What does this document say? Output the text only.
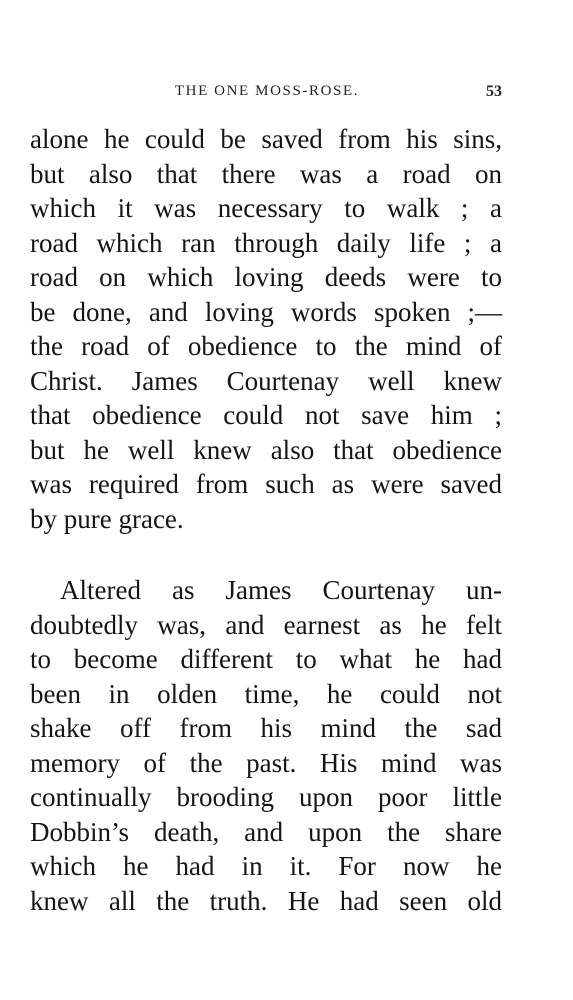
THE ONE MOSS-ROSE.	53
alone he could be saved from his sins,
but also that there was a road on
which it was necessary to walk ; a
road which ran through daily life ; a
road on which loving deeds were to
be done, and loving words spoken ;—
the road of obedience to the mind of
Christ. James Courtenay well knew
that obedience could not save him ;
but he well knew also that obedience
was required from such as were saved
by pure grace.
Altered as James Courtenay un-
doubtedly was, and earnest as he felt
to become different to what he had
been in olden time, he could not
shake off from his mind the sad
memory of the past. His mind was
continually brooding upon poor little
Dobbin’s death, and upon the share
which he had in it. For now he
knew all the truth. He had seen old
